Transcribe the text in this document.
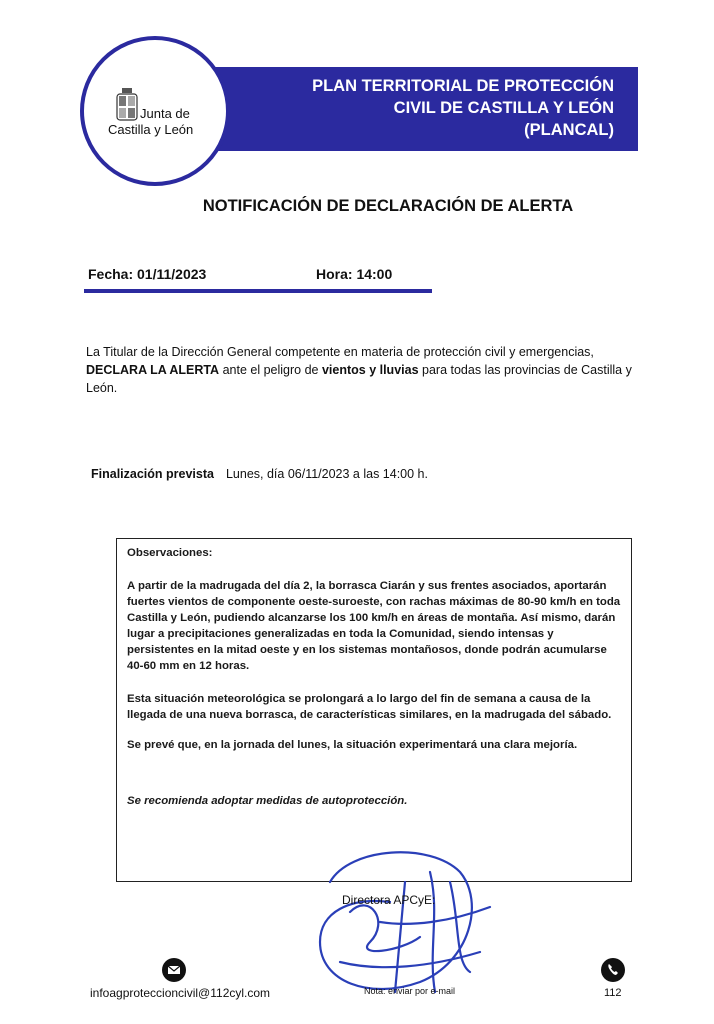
PLAN TERRITORIAL DE PROTECCIÓN
CIVIL DE CASTILLA Y LEÓN
(PLANCAL)
Junta de
Castilla y León
NOTIFICACIÓN DE DECLARACIÓN DE ALERTA
Fecha: 01/11/2023	Hora: 14:00
La Titular de la Dirección General competente en materia de protección civil y emergencias, DECLARA LA ALERTA ante el peligro de vientos y lluvias para todas las provincias de Castilla y León.
Finalización prevista Lunes, día 06/11/2023 a las 14:00 h.

Observaciones:

A partir de la madrugada del día 2, la borrasca Ciarán y sus frentes asociados, aportarán fuertes vientos de componente oeste-suroeste, con rachas máximas de 80-90 km/h en toda Castilla y León, pudiendo alcanzarse los 100 km/h en áreas de montaña. Así mismo, darán lugar a precipitaciones generalizadas en toda la Comunidad, siendo intensas y persistentes en la mitad oeste y en los sistemas montañosos, donde podrán acumularse 40-60 mm en 12 horas.

Esta situación meteorológica se prolongará a lo largo del fin de semana a causa de la llegada de una nueva borrasca, de características similares, en la madrugada del sábado.

Se prevé que, en la jornada del lunes, la situación experimentará una clara mejoría.

Se recomienda adoptar medidas de autoprotección.

Directora APCyE:
infoagproteccioncivil@112cyl.com	Nota: enviar por e-mail	112
